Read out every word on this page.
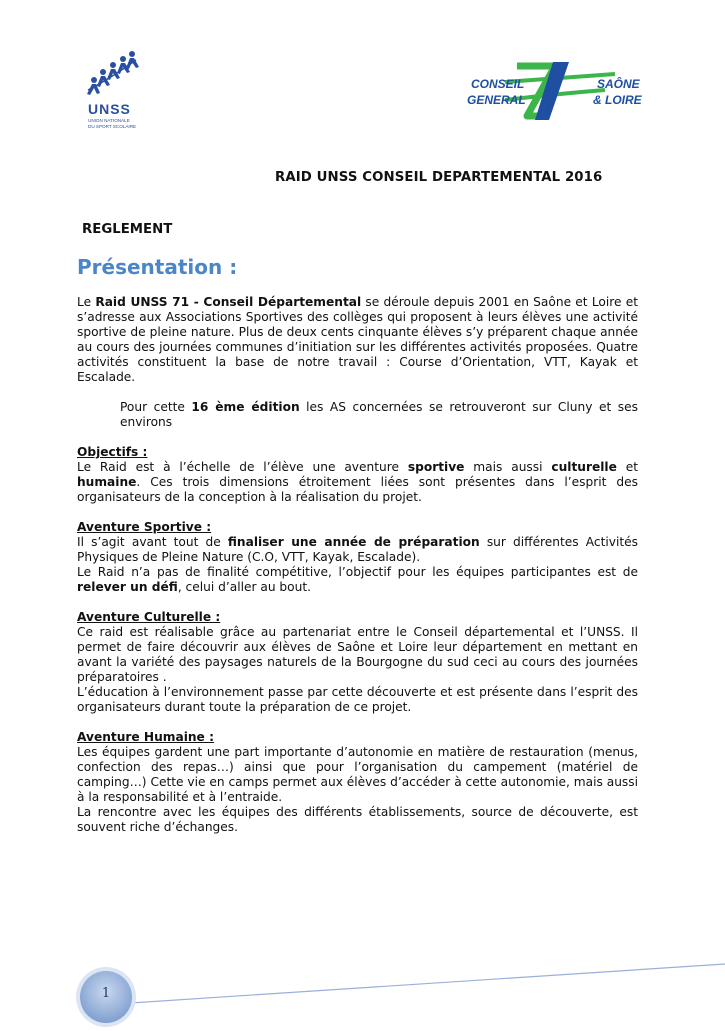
UNSS
UNION NATIONALE
DU SPORT SCOLAIRE
CONSEIL
GENERAL
SAÔNE
& LOIRE
RAID UNSS CONSEIL DEPARTEMENTAL 2016
REGLEMENT
Présentation :

Le Raid UNSS 71 - Conseil Départemental se déroule depuis 2001 en Saône et Loire et s’adresse aux Associations Sportives des collèges qui proposent à leurs élèves une activité sportive de pleine nature. Plus de deux cents cinquante élèves s’y préparent chaque année au cours des journées communes d’initiation sur les différentes activités proposées. Quatre activités constituent la base de notre travail : Course d’Orientation, VTT, Kayak et Escalade.

Pour cette 16 ème édition les AS concernées se retrouveront sur Cluny et ses environs

Objectifs :

Le Raid est à l’échelle de l’élève une aventure sportive mais aussi culturelle et humaine. Ces trois dimensions étroitement liées sont présentes dans l’esprit des organisateurs de la conception à la réalisation du projet.

Aventure Sportive :

Il s’agit avant tout de finaliser une année de préparation sur différentes Activités Physiques de Pleine Nature (C.O, VTT, Kayak, Escalade).

Le Raid n’a pas de finalité compétitive, l’objectif pour les équipes participantes est de relever un défi, celui d’aller au bout.

Aventure Culturelle :

Ce raid est réalisable grâce au partenariat entre le Conseil départemental et l’UNSS. Il permet de faire découvrir aux élèves de Saône et Loire leur département en mettant en avant la variété des paysages naturels de la Bourgogne du sud ceci au cours des journées préparatoires .

L’éducation à l’environnement passe par cette découverte et est présente dans l’esprit des organisateurs durant toute la préparation de ce projet.

Aventure Humaine :

Les équipes gardent une part importante d’autonomie en matière de restauration (menus, confection des repas…) ainsi que pour l’organisation du campement (matériel de camping…) Cette vie en camps permet aux élèves d’accéder à cette autonomie, mais aussi à la responsabilité et à l’entraide.

La rencontre avec les équipes des différents établissements, source de découverte, est souvent riche d’échanges.

1
